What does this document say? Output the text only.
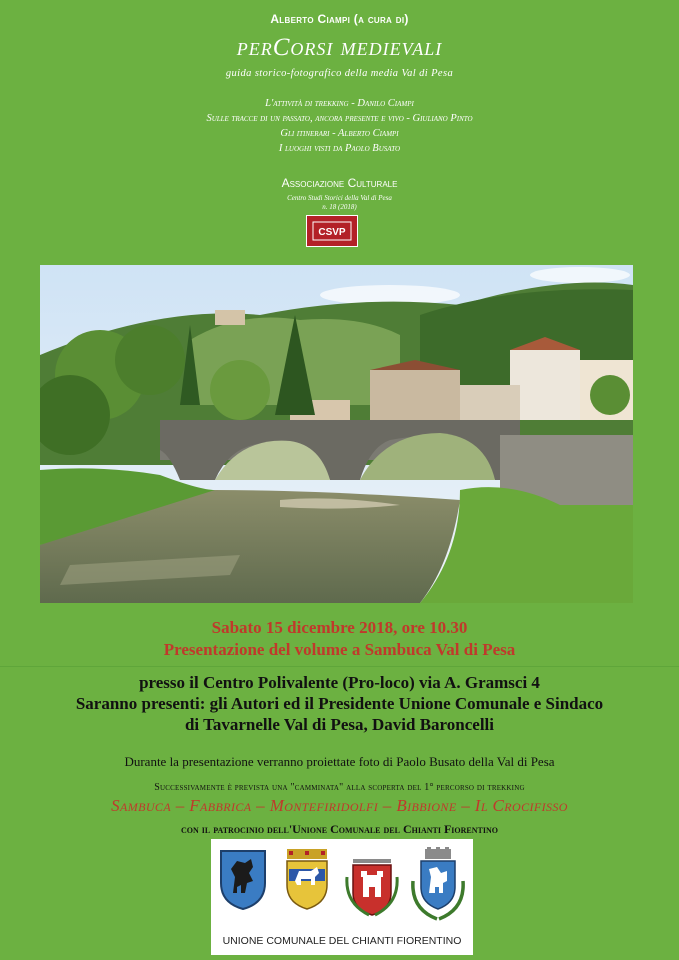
Alberto Ciampi (a cura di)
perCorsi medievali
guida storico-fotografico della media Val di Pesa
L'attività di trekking - Danilo Ciampi
Sulle tracce di un passato, ancora presente e vivo - Giuliano Pinto
Gli itinerari - Alberto Ciampi
I luoghi visti da Paolo Busato
Associazione Culturale
Centro Studi Storici della Val di Pesa
n. 18 (2018)
CSVP
Sabato 15 dicembre 2018, ore 10.30
Presentazione del volume a Sambuca Val di Pesa
presso il Centro Polivalente (Pro-loco) via A. Gramsci 4
Saranno presenti: gli Autori ed il Presidente Unione Comunale e Sindaco
di Tavarnelle Val di Pesa, David Baroncelli
Durante la presentazione verranno proiettate foto di Paolo Busato della Val di Pesa
Successivamente è prevista una "camminata" alla scoperta del 1° percorso di trekking
Sambuca – Fabbrica – Montefiridolfi – Bibbione – Il Crocifisso
con il patrocinio dell'Unione Comunale del Chianti Fiorentino
UNIONE COMUNALE DEL CHIANTI FIORENTINO
